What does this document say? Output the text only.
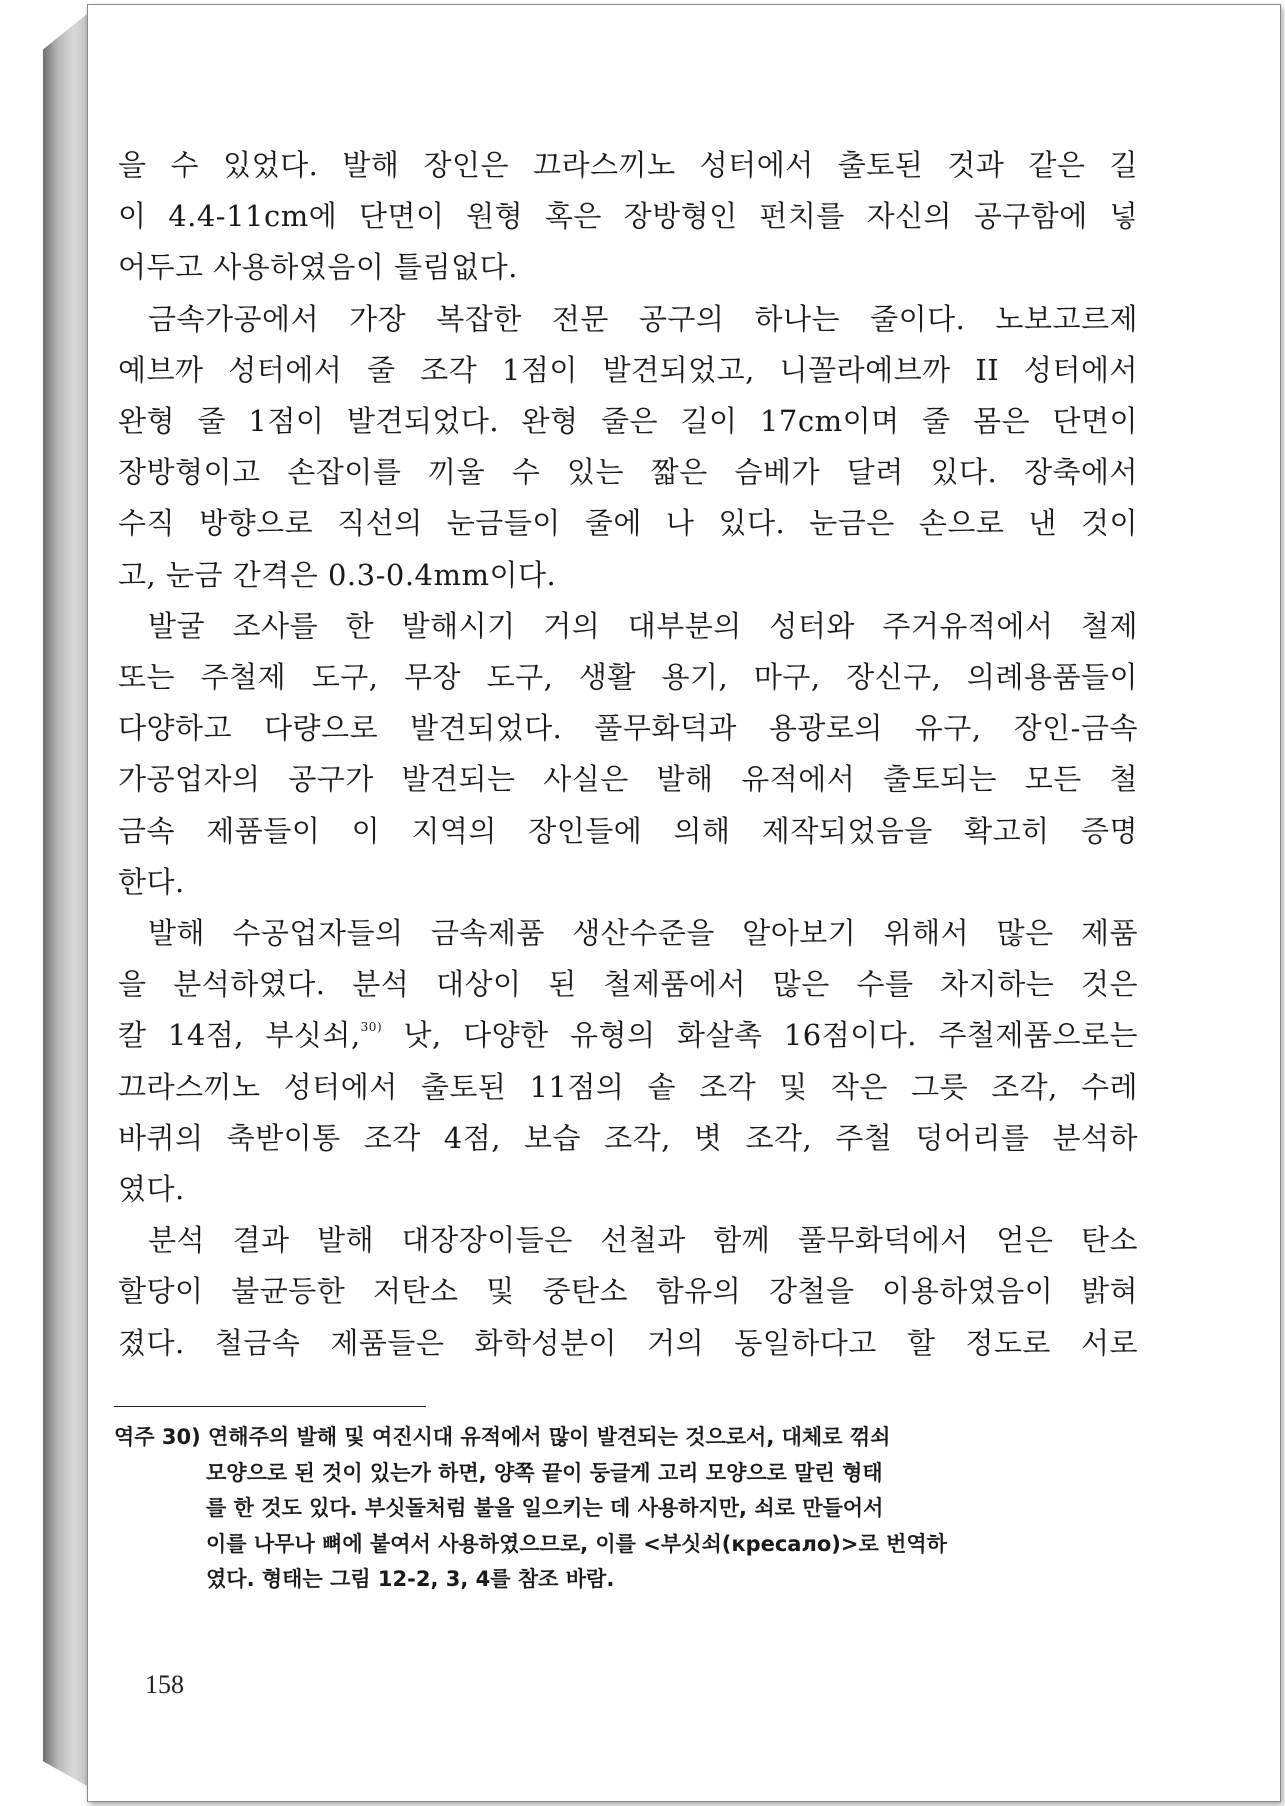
을 수 있었다. 발해 장인은 끄라스끼노 성터에서 출토된 것과 같은 길
이 4.4-11cm에 단면이 원형 혹은 장방형인 펀치를 자신의 공구함에 넣
어두고 사용하였음이 틀림없다.
금속가공에서 가장 복잡한 전문 공구의 하나는 줄이다. 노보고르제
예브까 성터에서 줄 조각 1점이 발견되었고, 니꼴라예브까 II 성터에서
완형 줄 1점이 발견되었다. 완형 줄은 길이 17cm이며 줄 몸은 단면이
장방형이고 손잡이를 끼울 수 있는 짧은 슴베가 달려 있다. 장축에서
수직 방향으로 직선의 눈금들이 줄에 나 있다. 눈금은 손으로 낸 것이
고, 눈금 간격은 0.3-0.4mm이다.
발굴 조사를 한 발해시기 거의 대부분의 성터와 주거유적에서 철제
또는 주철제 도구, 무장 도구, 생활 용기, 마구, 장신구, 의례용품들이
다양하고 다량으로 발견되었다. 풀무화덕과 용광로의 유구, 장인-금속
가공업자의 공구가 발견되는 사실은 발해 유적에서 출토되는 모든 철
금속 제품들이 이 지역의 장인들에 의해 제작되었음을 확고히 증명
한다.
발해 수공업자들의 금속제품 생산수준을 알아보기 위해서 많은 제품
을 분석하였다. 분석 대상이 된 철제품에서 많은 수를 차지하는 것은
칼 14점, 부싯쇠,$^{30)}$ 낫, 다양한 유형의 화살촉 16점이다. 주철제품으로는
끄라스끼노 성터에서 출토된 11점의 솥 조각 및 작은 그릇 조각, 수레
바퀴의 축받이통 조각 4점, 보습 조각, 볏 조각, 주철 덩어리를 분석하
였다.
분석 결과 발해 대장장이들은 선철과 함께 풀무화덕에서 얻은 탄소
할당이 불균등한 저탄소 및 중탄소 함유의 강철을 이용하였음이 밝혀
졌다. 철금속 제품들은 화학성분이 거의 동일하다고 할 정도로 서로
역주 30) 연해주의 발해 및 여진시대 유적에서 많이 발견되는 것으로서, 대체로 꺾쇠
모양으로 된 것이 있는가 하면, 양쪽 끝이 둥글게 고리 모양으로 말린 형태
를 한 것도 있다. 부싯돌처럼 불을 일으키는 데 사용하지만, 쇠로 만들어서
이를 나무나 뼈에 붙여서 사용하였으므로, 이를 <부싯쇠(кресало)>로 번역하
였다. 형태는 그림 12-2, 3, 4를 참조 바람.
158
